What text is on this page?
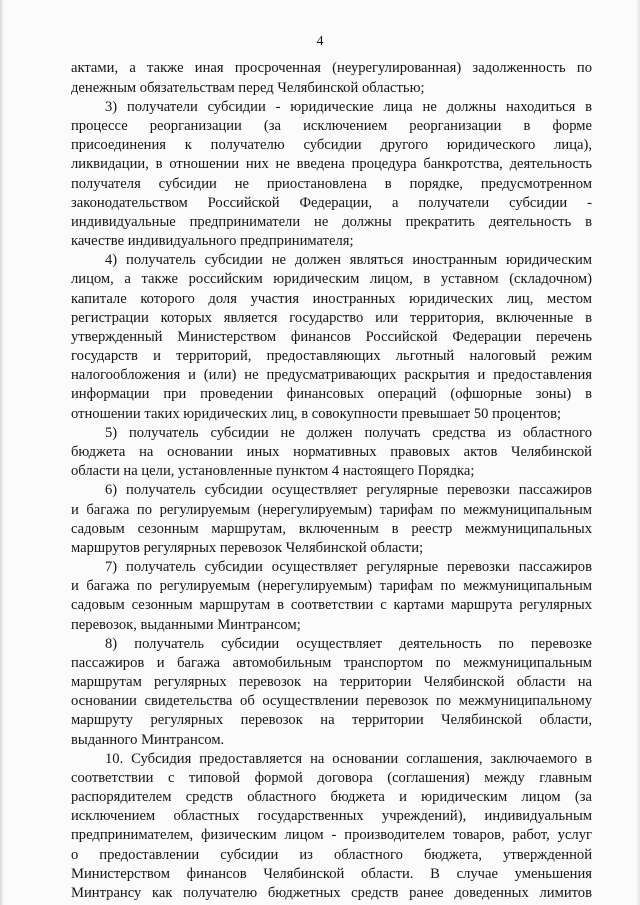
4
актами, а также иная просроченная (неурегулированная) задолженность по
денежным обязательствам перед Челябинской областью;
3) получатели субсидии - юридические лица не должны находиться в
процессе реорганизации (за исключением реорганизации в форме
присоединения к получателю субсидии другого юридического лица),
ликвидации, в отношении них не введена процедура банкротства, деятельность
получателя субсидии не приостановлена в порядке, предусмотренном
законодательством Российской Федерации, а получатели субсидии -
индивидуальные предприниматели не должны прекратить деятельность в
качестве индивидуального предпринимателя;
4) получатель субсидии не должен являться иностранным юридическим
лицом, а также российским юридическим лицом, в уставном (складочном)
капитале которого доля участия иностранных юридических лиц, местом
регистрации которых является государство или территория, включенные в
утвержденный Министерством финансов Российской Федерации перечень
государств и территорий, предоставляющих льготный налоговый режим
налогообложения и (или) не предусматривающих раскрытия и предоставления
информации при проведении финансовых операций (офшорные зоны) в
отношении таких юридических лиц, в совокупности превышает 50 процентов;
5) получатель субсидии не должен получать средства из областного
бюджета на основании иных нормативных правовых актов Челябинской
области на цели, установленные пунктом 4 настоящего Порядка;
6) получатель субсидии осуществляет регулярные перевозки пассажиров
и багажа по регулируемым (нерегулируемым) тарифам по межмуниципальным
садовым сезонным маршрутам, включенным в реестр межмуниципальных
маршрутов регулярных перевозок Челябинской области;
7) получатель субсидии осуществляет регулярные перевозки пассажиров
и багажа по регулируемым (нерегулируемым) тарифам по межмуниципальным
садовым сезонным маршрутам в соответствии с картами маршрута регулярных
перевозок, выданными Минтрансом;
8) получатель субсидии осуществляет деятельность по перевозке
пассажиров и багажа автомобильным транспортом по межмуниципальным
маршрутам регулярных перевозок на территории Челябинской области на
основании свидетельства об осуществлении перевозок по межмуниципальному
маршруту регулярных перевозок на территории Челябинской области,
выданного Минтрансом.
10. Субсидия предоставляется на основании соглашения, заключаемого в
соответствии с типовой формой договора (соглашения) между главным
распорядителем средств областного бюджета и юридическим лицом (за
исключением областных государственных учреждений), индивидуальным
предпринимателем, физическим лицом - производителем товаров, работ, услуг
о предоставлении субсидии из областного бюджета, утвержденной
Министерством финансов Челябинской области. В случае уменьшения
Минтрансу как получателю бюджетных средств ранее доведенных лимитов
